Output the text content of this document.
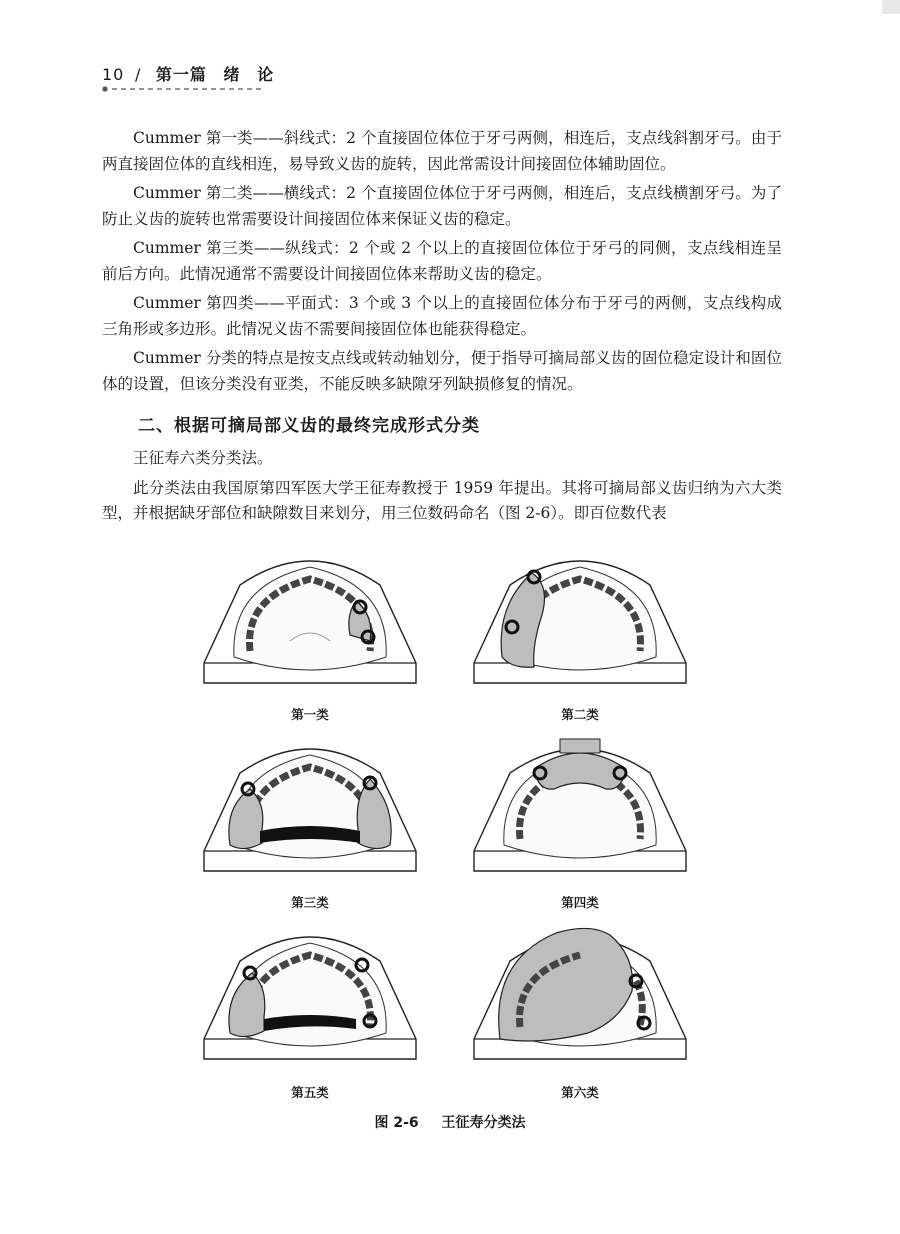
10 / 第一篇 绪 论

Cummer 第一类——斜线式：2 个直接固位体位于牙弓两侧，相连后，支点线斜割牙弓。由于两直接固位体的直线相连，易导致义齿的旋转，因此常需设计间接固位体辅助固位。

Cummer 第二类——横线式：2 个直接固位体位于牙弓两侧，相连后，支点线横割牙弓。为了防止义齿的旋转也常需要设计间接固位体来保证义齿的稳定。

Cummer 第三类——纵线式：2 个或 2 个以上的直接固位体位于牙弓的同侧，支点线相连呈前后方向。此情况通常不需要设计间接固位体来帮助义齿的稳定。

Cummer 第四类——平面式：3 个或 3 个以上的直接固位体分布于牙弓的两侧，支点线构成三角形或多边形。此情况义齿不需要间接固位体也能获得稳定。

Cummer 分类的特点是按支点线或转动轴划分，便于指导可摘局部义齿的固位稳定设计和固位体的设置，但该分类没有亚类，不能反映多缺隙牙列缺损修复的情况。

二、根据可摘局部义齿的最终完成形式分类

王征寿六类分类法。

此分类法由我国原第四军医大学王征寿教授于 1959 年提出。其将可摘局部义齿归纳为六大类型，并根据缺牙部位和缺隙数目来划分，用三位数码命名（图 2-6）。即百位数代表

第一类	第二类
第三类	第四类
第五类	第六类
图 2-6 王征寿分类法
